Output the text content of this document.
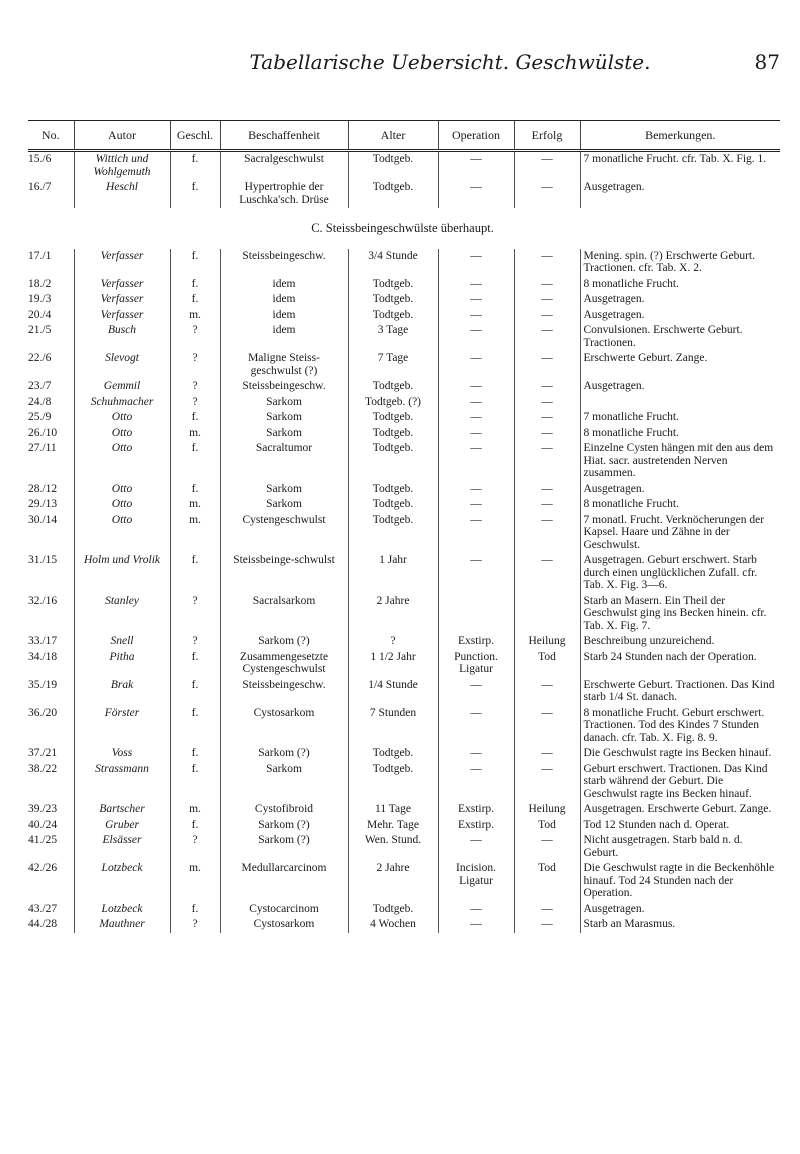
Tabellarische Uebersicht. Geschwülste.	87
No.	Autor	Geschl.	Beschaffenheit	Alter	Operation	Erfolg	Bemerkungen.
15./6	Wittich und Wohlgemuth	f.	Sacralgeschwulst	Todtgeb.	—	—	7 monatliche Frucht. cfr. Tab. X. Fig. 1.
16./7	Heschl	f.	Hypertrophie der Luschka'sch. Drüse	Todtgeb.	—	—	Ausgetragen.
C. Steissbeingeschwülste überhaupt.							
17./1	Verfasser	f.	Steissbeingeschw.	3/4 Stunde	—	—	Mening. spin. (?) Erschwerte Geburt. Tractionen. cfr. Tab. X. 2.
18./2	Verfasser	f.	idem	Todtgeb.	—	—	8 monatliche Frucht.
19./3	Verfasser	f.	idem	Todtgeb.	—	—	Ausgetragen.
20./4	Verfasser	m.	idem	Todtgeb.	—	—	Ausgetragen.
21./5	Busch	?	idem	3 Tage	—	—	Convulsionen. Erschwerte Geburt. Tractionen.
22./6	Slevogt	?	Maligne Steiss-geschwulst (?)	7 Tage	—	—	Erschwerte Geburt. Zange.
23./7	Gemmil	?	Steissbeingeschw.	Todtgeb.	—	—	Ausgetragen.
24./8	Schuhmacher	?	Sarkom	Todtgeb. (?)	—	—	
25./9	Otto	f.	Sarkom	Todtgeb.	—	—	7 monatliche Frucht.
26./10	Otto	m.	Sarkom	Todtgeb.	—	—	8 monatliche Frucht.
27./11	Otto	f.	Sacraltumor	Todtgeb.	—	—	Einzelne Cysten hängen mit den aus dem Hiat. sacr. austretenden Nerven zusammen.
28./12	Otto	f.	Sarkom	Todtgeb.	—	—	Ausgetragen.
29./13	Otto	m.	Sarkom	Todtgeb.	—	—	8 monatliche Frucht.
30./14	Otto	m.	Cystengeschwulst	Todtgeb.	—	—	7 monatl. Frucht. Verknöcherungen der Kapsel. Haare und Zähne in der Geschwulst.
31./15	Holm und Vrolik	f.	Steissbeinge-schwulst	1 Jahr	—	—	Ausgetragen. Geburt erschwert. Starb durch einen unglücklichen Zufall. cfr. Tab. X. Fig. 3—6.
32./16	Stanley	?	Sacralsarkom	2 Jahre			Starb an Masern. Ein Theil der Geschwulst ging ins Becken hinein. cfr. Tab. X. Fig. 7.
33./17	Snell	?	Sarkom (?)	?	Exstirp.	Heilung	Beschreibung unzureichend.
34./18	Pitha	f.	Zusammengesetzte Cystengeschwulst	1 1/2 Jahr	Punction. Ligatur	Tod	Starb 24 Stunden nach der Operation.
35./19	Brak	f.	Steissbeingeschw.	1/4 Stunde	—	—	Erschwerte Geburt. Tractionen. Das Kind starb 1/4 St. danach.
36./20	Förster	f.	Cystosarkom	7 Stunden	—	—	8 monatliche Frucht. Geburt erschwert. Tractionen. Tod des Kindes 7 Stunden danach. cfr. Tab. X. Fig. 8. 9.
37./21	Voss	f.	Sarkom (?)	Todtgeb.	—	—	Die Geschwulst ragte ins Becken hinauf.
38./22	Strassmann	f.	Sarkom	Todtgeb.	—	—	Geburt erschwert. Tractionen. Das Kind starb während der Geburt. Die Geschwulst ragte ins Becken hinauf.
39./23	Bartscher	m.	Cystofibroid	11 Tage	Exstirp.	Heilung	Ausgetragen. Erschwerte Geburt. Zange.
40./24	Gruber	f.	Sarkom (?)	Mehr. Tage	Exstirp.	Tod	Tod 12 Stunden nach d. Operat.
41./25	Elsässer	?	Sarkom (?)	Wen. Stund.	—	—	Nicht ausgetragen. Starb bald n. d. Geburt.
42./26	Lotzbeck	m.	Medullarcarcinom	2 Jahre	Incision. Ligatur	Tod	Die Geschwulst ragte in die Beckenhöhle hinauf. Tod 24 Stunden nach der Operation.
43./27	Lotzbeck	f.	Cystocarcinom	Todtgeb.	—	—	Ausgetragen.
44./28	Mauthner	?	Cystosarkom	4 Wochen	—	—	Starb an Marasmus.
